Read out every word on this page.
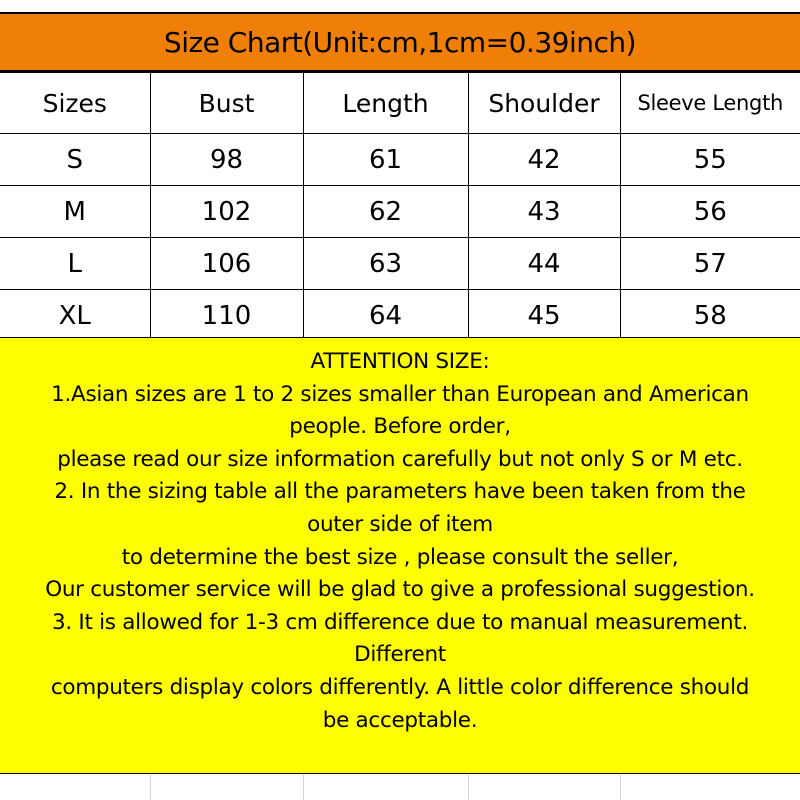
Size Chart(Unit:cm,1cm=0.39inch)
Sizes	Bust	Length	Shoulder	Sleeve Length
S	98	61	42	55
M	102	62	43	56
L	106	63	44	57
XL	110	64	45	58
ATTENTION SIZE:
1.Asian sizes are 1 to 2 sizes smaller than European and American
people. Before order,
please read our size information carefully but not only S or M etc.
2. In the sizing table all the parameters have been taken from the
outer side of item
to determine the best size , please consult the seller,
Our customer service will be glad to give a professional suggestion.
3. It is allowed for 1-3 cm difference due to manual measurement.
Different
computers display colors differently. A little color difference should
be acceptable.
